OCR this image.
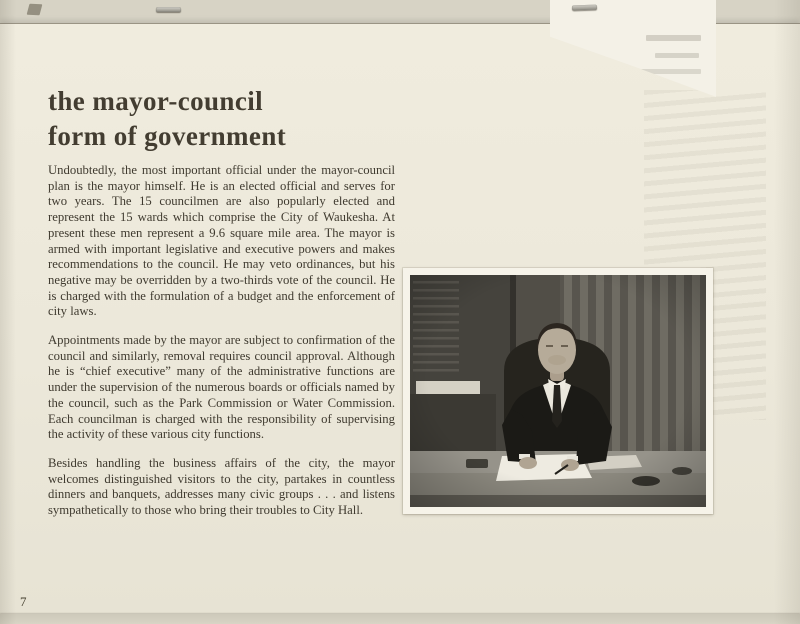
the mayor-council
form of government

Undoubtedly, the most important official under the mayor-council plan is the mayor himself. He is an elected official and serves for two years. The 15 councilmen are also popularly elected and represent the 15 wards which comprise the City of Waukesha. At present these men represent a 9.6 square mile area. The mayor is armed with important legislative and executive powers and makes recommendations to the council. He may veto ordinances, but his negative may be overridden by a two-thirds vote of the council. He is charged with the formulation of a budget and the enforcement of city laws.

Appointments made by the mayor are subject to confirmation of the council and similarly, removal requires council approval. Although he is “chief executive” many of the administrative functions are under the supervision of the numerous boards or officials named by the council, such as the Park Commission or Water Commission. Each councilman is charged with the responsibility of supervising the activity of these various city functions.

Besides handling the business affairs of the city, the mayor welcomes distinguished visitors to the city, partakes in countless dinners and banquets, addresses many civic groups . . . and listens sympathetically to those who bring their troubles to City Hall.

7
